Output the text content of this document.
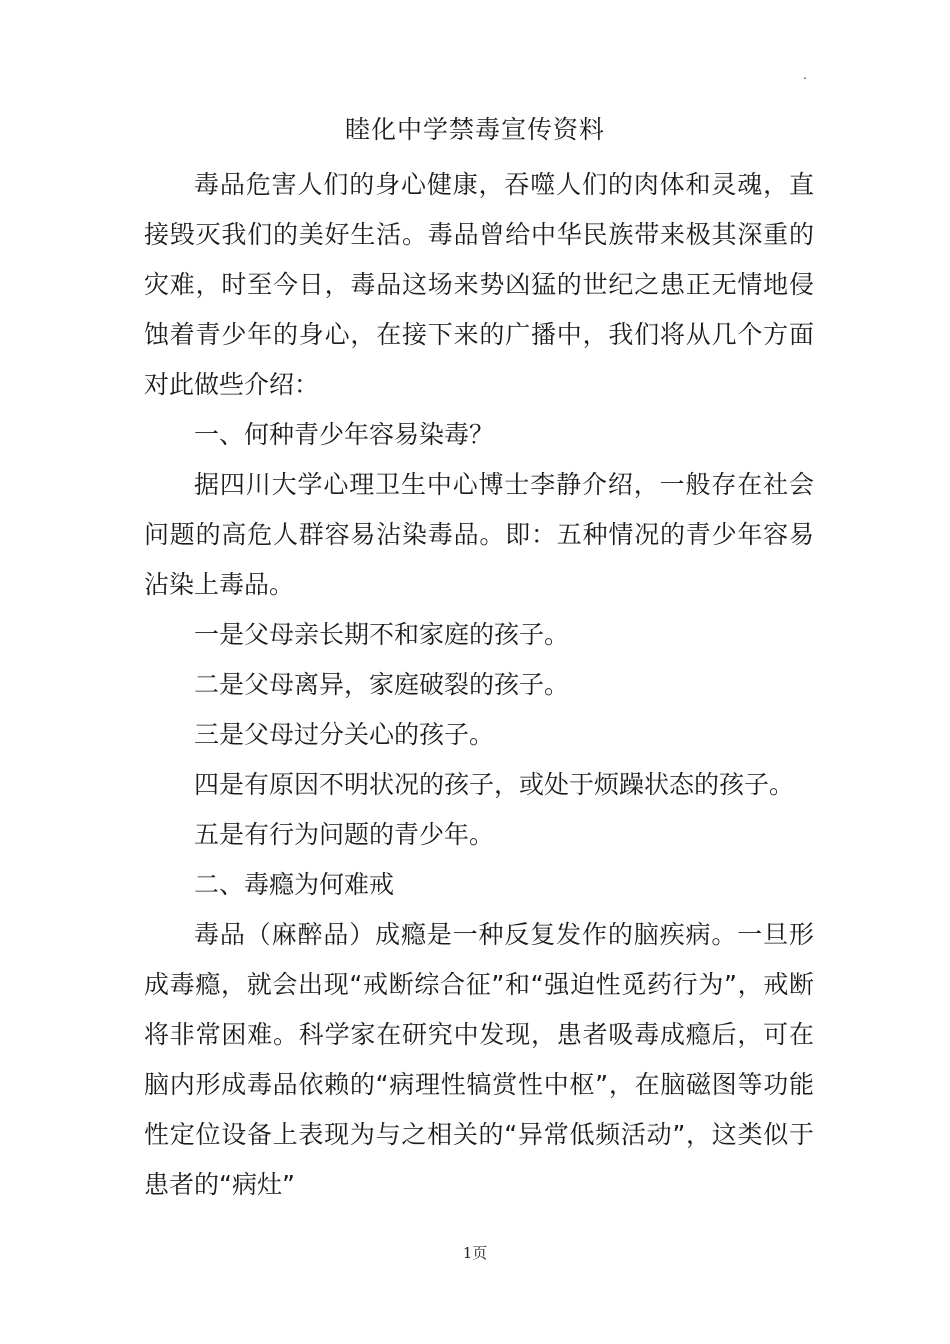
.
睦化中学禁毒宣传资料

毒品危害人们的身心健康，吞噬人们的肉体和灵魂，直接毁灭我们的美好生活。毒品曾给中华民族带来极其深重的灾难，时至今日，毒品这场来势凶猛的世纪之患正无情地侵蚀着青少年的身心，在接下来的广播中，我们将从几个方面对此做些介绍：

一、何种青少年容易染毒？

据四川大学心理卫生中心博士李静介绍，一般存在社会问题的高危人群容易沾染毒品。即：五种情况的青少年容易沾染上毒品。

一是父母亲长期不和家庭的孩子。

二是父母离异，家庭破裂的孩子。

三是父母过分关心的孩子。

四是有原因不明状况的孩子，或处于烦躁状态的孩子。

五是有行为问题的青少年。

二、毒瘾为何难戒

毒品（麻醉品）成瘾是一种反复发作的脑疾病。一旦形成毒瘾，就会出现“戒断综合征”和“强迫性觅药行为”，戒断将非常困难。科学家在研究中发现，患者吸毒成瘾后，可在脑内形成毒品依赖的“病理性犒赏性中枢”，在脑磁图等功能性定位设备上表现为与之相关的“异常低频活动”，这类似于患者的“病灶”

1页
